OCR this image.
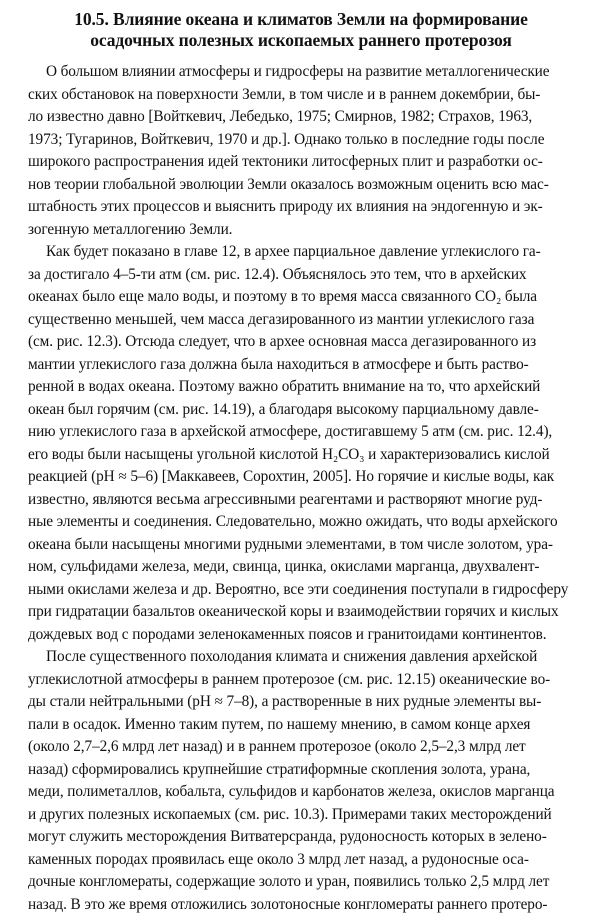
10.5. Влияние океана и климатов Земли на формирование
осадочных полезных ископаемых раннего протерозоя
О большом влиянии атмосферы и гидросферы на развитие металлогенические
ских обстановок на поверхности Земли, в том числе и в раннем докембрии, бы-
ло известно давно [Войткевич, Лебедько, 1975; Смирнов, 1982; Страхов, 1963,
1973; Тугаринов, Войткевич, 1970 и др.]. Однако только в последние годы после
широкого распространения идей тектоники литосферных плит и разработки ос-
нов теории глобальной эволюции Земли оказалось возможным оценить всю мас-
штабность этих процессов и выяснить природу их влияния на эндогенную и эк-
зогенную металлогению Земли.
Как будет показано в главе 12, в архее парциальное давление углекислого га-
за достигало 4–5-ти атм (см. рис. 12.4). Объяснялось это тем, что в архейских
океанах было еще мало воды, и поэтому в то время масса связанного CO₂ была
существенно меньшей, чем масса дегазированного из мантии углекислого газа
(см. рис. 12.3). Отсюда следует, что в архее основная масса дегазированного из
мантии углекислого газа должна была находиться в атмосфере и быть раство-
ренной в водах океана. Поэтому важно обратить внимание на то, что архейский
океан был горячим (см. рис. 14.19), а благодаря высокому парциальному давле-
нию углекислого газа в архейской атмосфере, достигавшему 5 атм (см. рис. 12.4),
его воды были насыщены угольной кислотой H₂CO₃ и характеризовались кислой
реакцией (pH ≈ 5–6) [Маккавеев, Сорохтин, 2005]. Но горячие и кислые воды, как
известно, являются весьма агрессивными реагентами и растворяют многие руд-
ные элементы и соединения. Следовательно, можно ожидать, что воды архейского
океана были насыщены многими рудными элементами, в том числе золотом, ура-
ном, сульфидами железа, меди, свинца, цинка, окислами марганца, двухвалент-
ными окислами железа и др. Вероятно, все эти соединения поступали в гидросферу
при гидратации базальтов океанической коры и взаимодействии горячих и кислых
дождевых вод с породами зеленокаменных поясов и гранитоидами континентов.
После существенного похолодания климата и снижения давления архейской
углекислотной атмосферы в раннем протерозое (см. рис. 12.15) океанические во-
ды стали нейтральными (pH ≈ 7–8), а растворенные в них рудные элементы вы-
пали в осадок. Именно таким путем, по нашему мнению, в самом конце архея
(около 2,7–2,6 млрд лет назад) и в раннем протерозое (около 2,5–2,3 млрд лет
назад) сформировались крупнейшие стратиформные скопления золота, урана,
меди, полиметаллов, кобальта, сульфидов и карбонатов железа, окислов марганца
и других полезных ископаемых (см. рис. 10.3). Примерами таких месторождений
могут служить месторождения Витватерсранда, рудоносность которых в зелено-
каменных породах проявилась еще около 3 млрд лет назад, а рудоносные оса-
дочные конгломераты, содержащие золото и уран, появились только 2,5 млрд лет
назад. В это же время отложились золотоносные конгломераты раннего протеро-
